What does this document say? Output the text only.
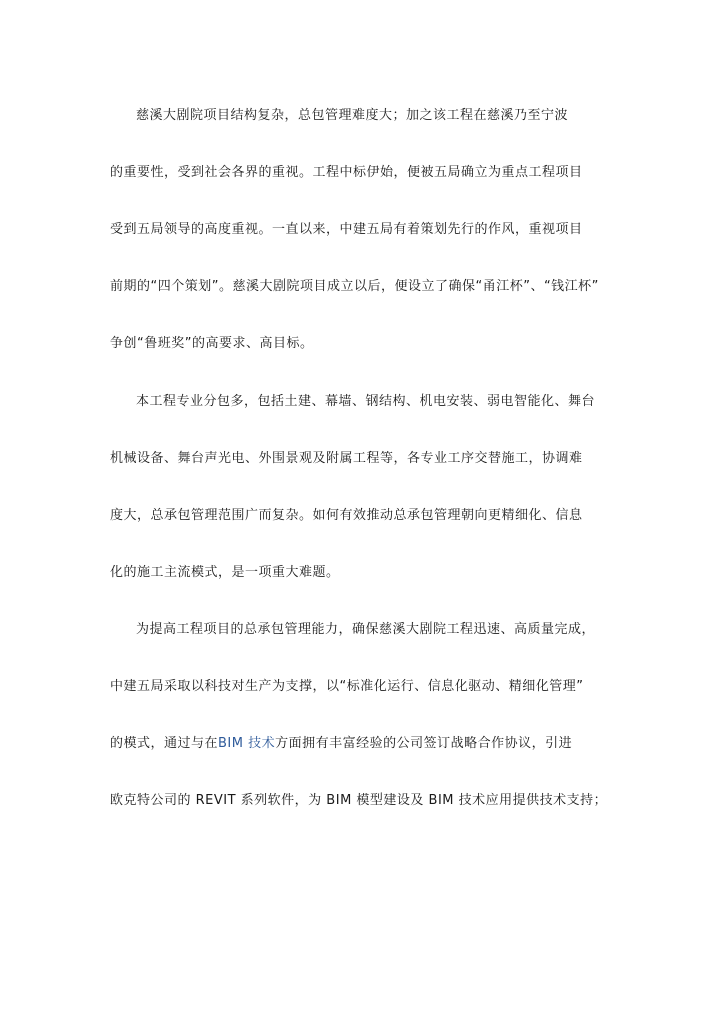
慈溪大剧院项目结构复杂，总包管理难度大；加之该工程在慈溪乃至宁波
的重要性，受到社会各界的重视。工程中标伊始，便被五局确立为重点工程项目
受到五局领导的高度重视。一直以来，中建五局有着策划先行的作风，重视项目
前期的“四个策划”。慈溪大剧院项目成立以后，便设立了确保“甬江杯”、“钱江杯”
争创“鲁班奖”的高要求、高目标。
本工程专业分包多，包括土建、幕墙、钢结构、机电安装、弱电智能化、舞台
机械设备、舞台声光电、外围景观及附属工程等，各专业工序交替施工，协调难
度大，总承包管理范围广而复杂。如何有效推动总承包管理朝向更精细化、信息
化的施工主流模式，是一项重大难题。
为提高工程项目的总承包管理能力，确保慈溪大剧院工程迅速、高质量完成，
中建五局采取以科技对生产为支撑，以“标准化运行、信息化驱动、精细化管理”
的模式，通过与在BIM 技术方面拥有丰富经验的公司签订战略合作协议，引进
欧克特公司的 REVIT 系列软件，为 BIM 模型建设及 BIM 技术应用提供技术支持；
